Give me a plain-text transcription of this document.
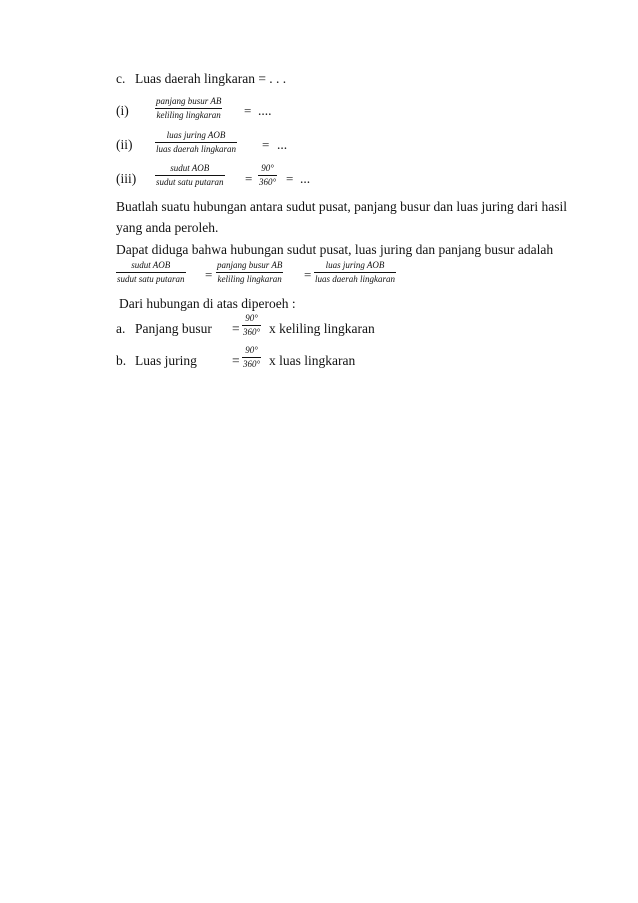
c. Luas daerah lingkaran = . . .
(i)
panjang busur AB
keliling lingkaran = ....
(ii)
luas juring AOB
luas daerah lingkaran = ...
(iii)
sudut AOB
sudut satu putaran =
90°
360° = ...
Buatlah suatu hubungan antara sudut pusat, panjang busur dan luas juring dari hasil
yang anda peroleh.
Dapat diduga bahwa hubungan sudut pusat, luas juring dan panjang busur adalah
sudut AOB
sudut satu putaran =
panjang busur AB
keliling lingkaran =
luas juring AOB
luas daerah lingkaran
Dari hubungan di atas diperoeh :
a. Panjang busur =
90°
360° x keliling lingkaran
b. Luas juring	=
90°
360° x luas lingkaran
